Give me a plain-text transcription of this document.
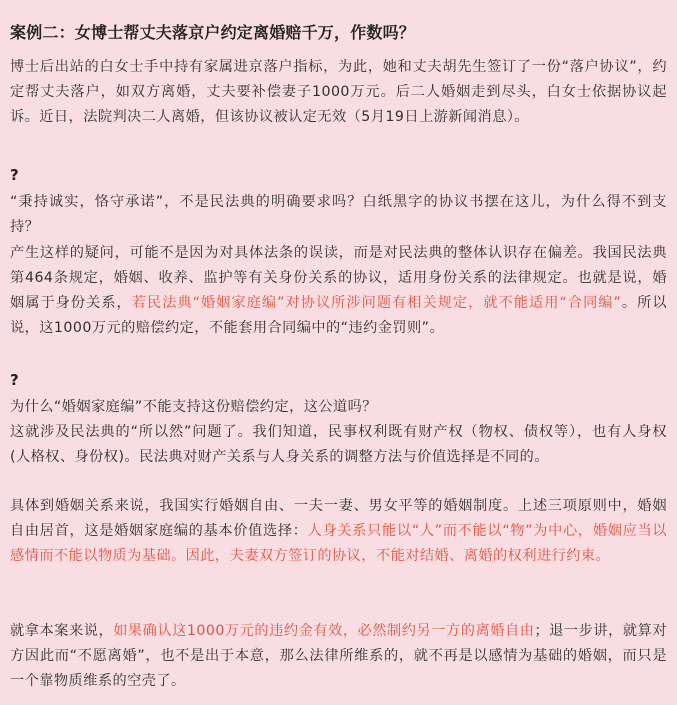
案例二：女博士帮丈夫落京户约定离婚赔千万，作数吗？

博士后出站的白女士手中持有家属进京落户指标，为此，她和丈夫胡先生签订了一份“落户协议”，约定帮丈夫落户，如双方离婚，丈夫要补偿妻子1000万元。后二人婚姻走到尽头，白女士依据协议起诉。近日，法院判决二人离婚，但该协议被认定无效（5月19日上游新闻消息）。

?

“秉持诚实，恪守承诺”，不是民法典的明确要求吗？白纸黑字的协议书摆在这儿，为什么得不到支持？

产生这样的疑问，可能不是因为对具体法条的误读，而是对民法典的整体认识存在偏差。我国民法典第464条规定，婚姻、收养、监护等有关身份关系的协议，适用身份关系的法律规定。也就是说，婚姻属于身份关系，若民法典“婚姻家庭编”对协议所涉问题有相关规定，就不能适用“合同编”。所以说，这1000万元的赔偿约定，不能套用合同编中的“违约金罚则”。

?

为什么“婚姻家庭编”不能支持这份赔偿约定，这公道吗？

这就涉及民法典的“所以然”问题了。我们知道，民事权利既有财产权（物权、债权等），也有人身权(人格权、身份权)。民法典对财产关系与人身关系的调整方法与价值选择是不同的。

具体到婚姻关系来说，我国实行婚姻自由、一夫一妻、男女平等的婚姻制度。上述三项原则中，婚姻自由居首，这是婚姻家庭编的基本价值选择：人身关系只能以“人”而不能以“物”为中心，婚姻应当以感情而不能以物质为基础。因此，夫妻双方签订的协议，不能对结婚、离婚的权利进行约束。

就拿本案来说，如果确认这1000万元的违约金有效，必然制约另一方的离婚自由；退一步讲，就算对方因此而“不愿离婚”，也不是出于本意，那么法律所维系的，就不再是以感情为基础的婚姻，而只是一个靠物质维系的空壳了。
